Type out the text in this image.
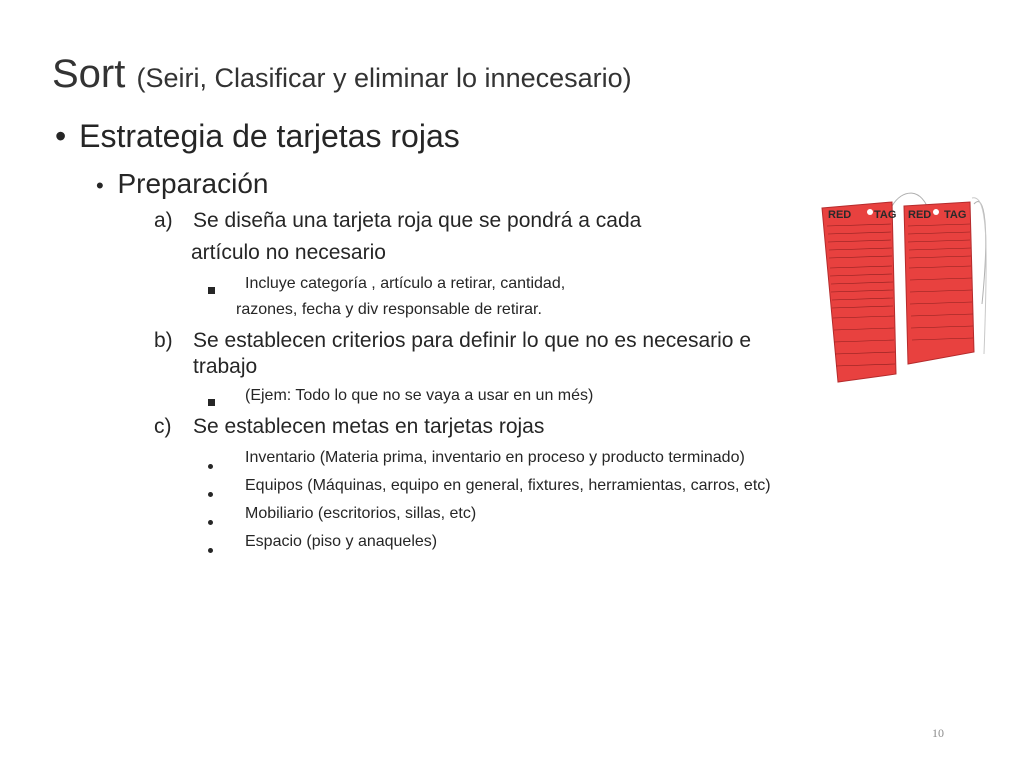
Sort (Seiri, Clasificar y eliminar lo innecesario)
• Estrategia de tarjetas rojas
• Preparación
a) Se diseña una tarjeta roja que se pondrá a cada
artículo no necesario
Incluye categoría , artículo a retirar, cantidad,
razones, fecha y div responsable de retirar.
b) Se establecen criterios para definir lo que no es necesario e
trabajo
(Ejem: Todo lo que no se vaya a usar en un més)
c) Se establecen metas en tarjetas rojas
Inventario (Materia prima, inventario en proceso y producto terminado)
Equipos (Máquinas, equipo en general, fixtures, herramientas, carros, etc)
Mobiliario (escritorios, sillas, etc)
Espacio (piso y anaqueles)
RED TAG RED TAG
10
